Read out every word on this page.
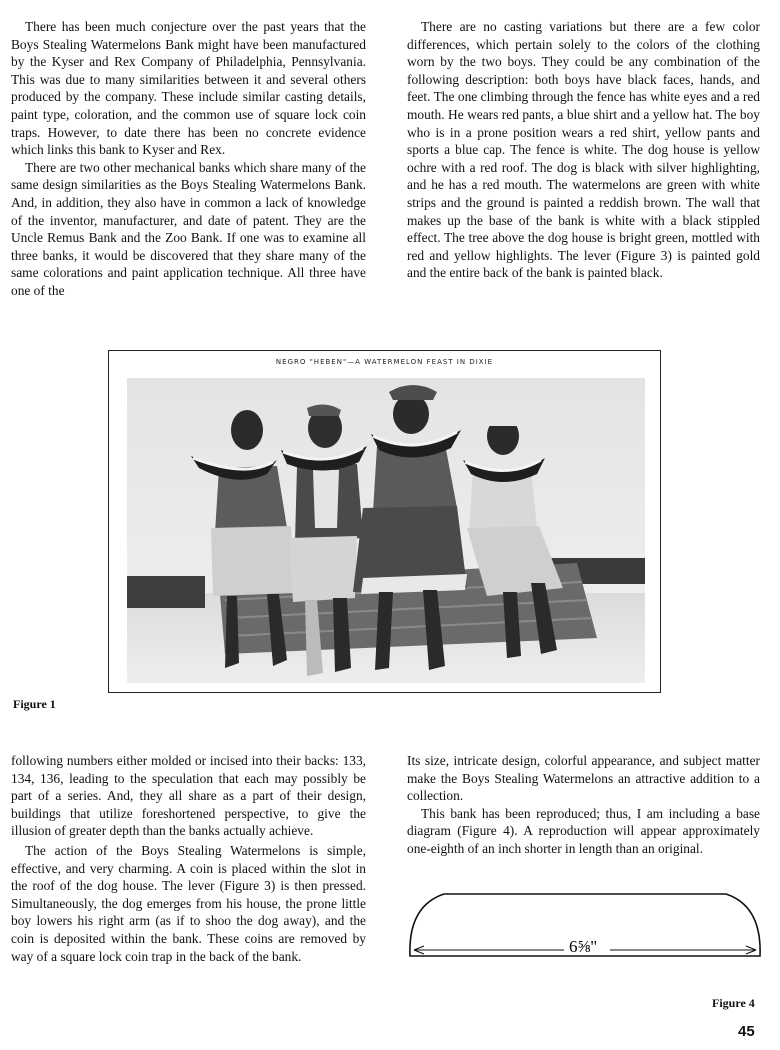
There has been much conjecture over the past years that the Boys Stealing Watermelons Bank might have been manufactured by the Kyser and Rex Company of Philadelphia, Pennsylvania. This was due to many similarities between it and several others produced by the company. These include similar casting details, paint type, coloration, and the common use of square lock coin traps. However, to date there has been no concrete evidence which links this bank to Kyser and Rex.

There are two other mechanical banks which share many of the same design similarities as the Boys Stealing Watermelons Bank. And, in addition, they also have in common a lack of knowledge of the inventor, manufacturer, and date of patent. They are the Uncle Remus Bank and the Zoo Bank. If one was to examine all three banks, it would be discovered that they share many of the same colorations and paint application technique. All three have one of the

There are no casting variations but there are a few color differences, which pertain solely to the colors of the clothing worn by the two boys. They could be any combination of the following description: both boys have black faces, hands, and feet. The one climbing through the fence has white eyes and a red mouth. He wears red pants, a blue shirt and a yellow hat. The boy who is in a prone position wears a red shirt, yellow pants and sports a blue cap. The fence is white. The dog house is yellow ochre with a red roof. The dog is black with silver highlighting, and he has a red mouth. The watermelons are green with white strips and the ground is painted a reddish brown. The wall that makes up the base of the bank is white with a black stippled effect. The tree above the dog house is bright green, mottled with red and yellow highlights. The lever (Figure 3) is painted gold and the entire back of the bank is painted black.

NEGRO "HEBEN"—A WATERMELON FEAST IN DIXIE
Figure 1

following numbers either molded or incised into their backs: 133, 134, 136, leading to the speculation that each may possibly be part of a series. And, they all share as a part of their design, buildings that utilize foreshortened perspective, to give the illusion of greater depth than the banks actually achieve.

The action of the Boys Stealing Watermelons is simple, effective, and very charming. A coin is placed within the slot in the roof of the dog house. The lever (Figure 3) is then pressed. Simultaneously, the dog emerges from his house, the prone little boy lowers his right arm (as if to shoo the dog away), and the coin is deposited within the bank. These coins are removed by way of a square lock coin trap in the back of the bank.

Its size, intricate design, colorful appearance, and subject matter make the Boys Stealing Watermelons an attractive addition to a collection.

This bank has been reproduced; thus, I am including a base diagram (Figure 4). A reproduction will appear approximately one-eighth of an inch shorter in length than an original.

6⅝"
Figure 4
45
